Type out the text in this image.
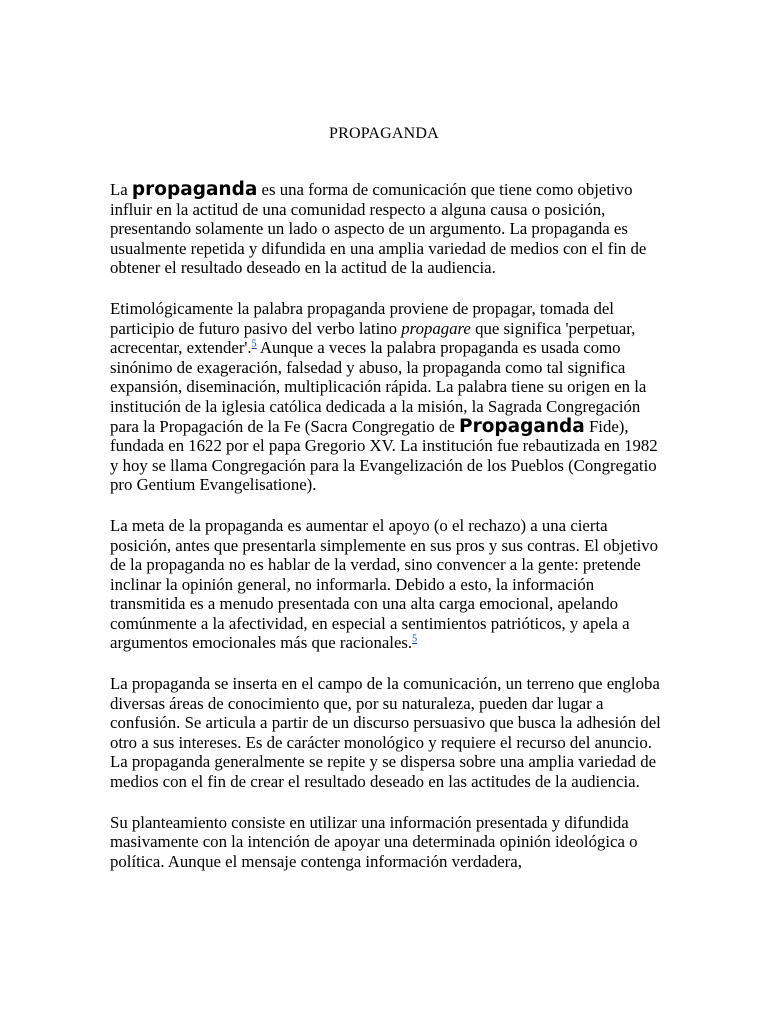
PROPAGANDA

La propaganda es una forma de comunicación que tiene como objetivo influir en la actitud de una comunidad respecto a alguna causa o posición, presentando solamente un lado o aspecto de un argumento. La propaganda es usualmente repetida y difundida en una amplia variedad de medios con el fin de obtener el resultado deseado en la actitud de la audiencia.

Etimológicamente la palabra propaganda proviene de propagar, tomada del participio de futuro pasivo del verbo latino propagare que significa 'perpetuar, acrecentar, extender'.$^5$ Aunque a veces la palabra propaganda es usada como sinónimo de exageración, falsedad y abuso, la propaganda como tal significa expansión, diseminación, multiplicación rápida. La palabra tiene su origen en la institución de la iglesia católica dedicada a la misión, la Sagrada Congregación para la Propagación de la Fe (Sacra Congregatio de Propaganda Fide), fundada en 1622 por el papa Gregorio XV. La institución fue rebautizada en 1982 y hoy se llama Congregación para la Evangelización de los Pueblos (Congregatio pro Gentium Evangelisatione).

La meta de la propaganda es aumentar el apoyo (o el rechazo) a una cierta posición, antes que presentarla simplemente en sus pros y sus contras. El objetivo de la propaganda no es hablar de la verdad, sino convencer a la gente: pretende inclinar la opinión general, no informarla. Debido a esto, la información transmitida es a menudo presentada con una alta carga emocional, apelando comúnmente a la afectividad, en especial a sentimientos patrióticos, y apela a argumentos emocionales más que racionales.$^5$

La propaganda se inserta en el campo de la comunicación, un terreno que engloba diversas áreas de conocimiento que, por su naturaleza, pueden dar lugar a confusión. Se articula a partir de un discurso persuasivo que busca la adhesión del otro a sus intereses. Es de carácter monológico y requiere el recurso del anuncio. La propaganda generalmente se repite y se dispersa sobre una amplia variedad de medios con el fin de crear el resultado deseado en las actitudes de la audiencia.

Su planteamiento consiste en utilizar una información presentada y difundida masivamente con la intención de apoyar una determinada opinión ideológica o política. Aunque el mensaje contenga información verdadera,
